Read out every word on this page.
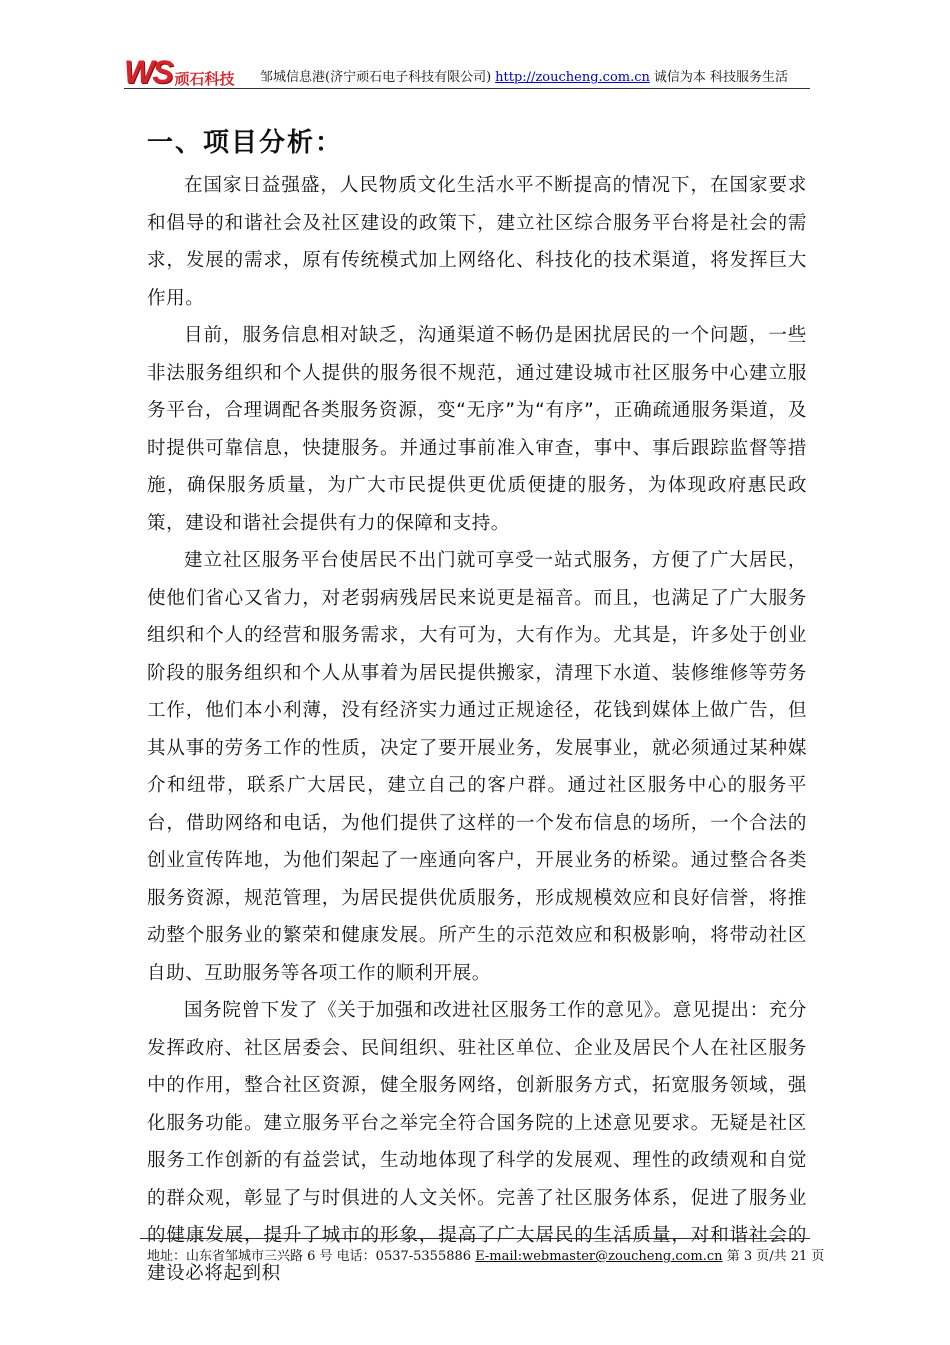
WS 顽石科技 邹城信息港(济宁顽石电子科技有限公司) http://zoucheng.com.cn 诚信为本 科技服务生活
一、项目分析：

在国家日益强盛，人民物质文化生活水平不断提高的情况下，在国家要求和倡导的和谐社会及社区建设的政策下，建立社区综合服务平台将是社会的需求，发展的需求，原有传统模式加上网络化、科技化的技术渠道，将发挥巨大作用。

目前，服务信息相对缺乏，沟通渠道不畅仍是困扰居民的一个问题，一些非法服务组织和个人提供的服务很不规范，通过建设城市社区服务中心建立服务平台，合理调配各类服务资源，变“无序”为“有序”，正确疏通服务渠道，及时提供可靠信息，快捷服务。并通过事前准入审查，事中、事后跟踪监督等措施，确保服务质量，为广大市民提供更优质便捷的服务，为体现政府惠民政策，建设和谐社会提供有力的保障和支持。

建立社区服务平台使居民不出门就可享受一站式服务，方便了广大居民，使他们省心又省力，对老弱病残居民来说更是福音。而且，也满足了广大服务组织和个人的经营和服务需求，大有可为，大有作为。尤其是，许多处于创业阶段的服务组织和个人从事着为居民提供搬家，清理下水道、装修维修等劳务工作，他们本小利薄，没有经济实力通过正规途径，花钱到媒体上做广告，但其从事的劳务工作的性质，决定了要开展业务，发展事业，就必须通过某种媒介和纽带，联系广大居民，建立自己的客户群。通过社区服务中心的服务平台，借助网络和电话，为他们提供了这样的一个发布信息的场所，一个合法的创业宣传阵地，为他们架起了一座通向客户，开展业务的桥梁。通过整合各类服务资源，规范管理，为居民提供优质服务，形成规模效应和良好信誉，将推动整个服务业的繁荣和健康发展。所产生的示范效应和积极影响，将带动社区自助、互助服务等各项工作的顺利开展。

国务院曾下发了《关于加强和改进社区服务工作的意见》。意见提出：充分发挥政府、社区居委会、民间组织、驻社区单位、企业及居民个人在社区服务中的作用，整合社区资源，健全服务网络，创新服务方式，拓宽服务领域，强化服务功能。建立服务平台之举完全符合国务院的上述意见要求。无疑是社区服务工作创新的有益尝试，生动地体现了科学的发展观、理性的政绩观和自觉的群众观，彰显了与时俱进的人文关怀。完善了社区服务体系，促进了服务业的健康发展，提升了城市的形象，提高了广大居民的生活质量，对和谐社会的建设必将起到积

地址：山东省邹城市三兴路 6 号 电话：0537-5355886 E-mail:webmaster@zoucheng.com.cn 第 3 页/共 21 页
